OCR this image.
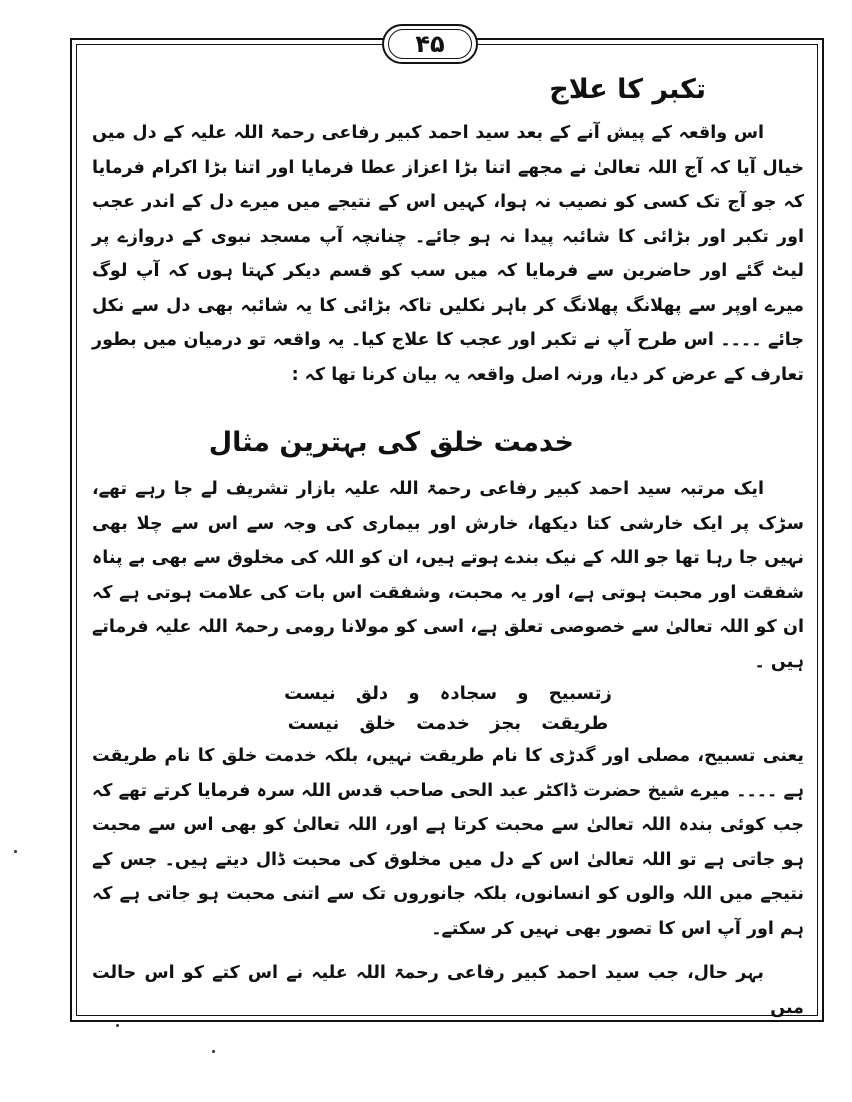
۴۵
تکبر کا علاج

اس واقعہ کے پیش آنے کے بعد سید احمد کبیر رفاعی رحمۃ اللہ علیہ کے دل میں خیال آیا کہ آج اللہ تعالیٰ نے مجھے اتنا بڑا اعزاز عطا فرمایا اور اتنا بڑا اکرام فرمایا کہ جو آج تک کسی کو نصیب نہ ہوا، کہیں اس کے نتیجے میں میرے دل کے اندر عجب اور تکبر اور بڑائی کا شائبہ پیدا نہ ہو جائے۔ چنانچہ آپ مسجد نبوی کے دروازے پر لیٹ گئے اور حاضرین سے فرمایا کہ میں سب کو قسم دیکر کہتا ہوں کہ آپ لوگ میرے اوپر سے پھلانگ پھلانگ کر باہر نکلیں تاکہ بڑائی کا یہ شائبہ بھی دل سے نکل جائے ۔۔۔۔ اس طرح آپ نے تکبر اور عجب کا علاج کیا۔ یہ واقعہ تو درمیان میں بطور تعارف کے عرض کر دیا، ورنہ اصل واقعہ یہ بیان کرنا تھا کہ :

خدمت خلق کی بہترین مثال

ایک مرتبہ سید احمد کبیر رفاعی رحمۃ اللہ علیہ بازار تشریف لے جا رہے تھے، سڑک پر ایک خارشی کتا دیکھا، خارش اور بیماری کی وجہ سے اس سے چلا بھی نہیں جا رہا تھا جو اللہ کے نیک بندے ہوتے ہیں، ان کو اللہ کی مخلوق سے بھی بے پناہ شفقت اور محبت ہوتی ہے، اور یہ محبت، وشفقت اس بات کی علامت ہوتی ہے کہ ان کو اللہ تعالیٰ سے خصوصی تعلق ہے، اسی کو مولانا رومی رحمۃ اللہ علیہ فرماتے ہیں ۔

زتسبیح و سجادہ و دلق نیست
طریقت بجز خدمت خلق نیست

یعنی تسبیح، مصلی اور گدڑی کا نام طریقت نہیں، بلکہ خدمت خلق کا نام طریقت ہے ۔۔۔۔ میرے شیخ حضرت ڈاکٹر عبد الحی صاحب قدس اللہ سرہ فرمایا کرتے تھے کہ جب کوئی بندہ اللہ تعالیٰ سے محبت کرتا ہے اور، اللہ تعالیٰ کو بھی اس سے محبت ہو جاتی ہے تو اللہ تعالیٰ اس کے دل میں مخلوق کی محبت ڈال دیتے ہیں۔ جس کے نتیجے میں اللہ والوں کو انسانوں، بلکہ جانوروں تک سے اتنی محبت ہو جاتی ہے کہ ہم اور آپ اس کا تصور بھی نہیں کر سکتے۔

بہر حال، جب سید احمد کبیر رفاعی رحمۃ اللہ علیہ نے اس کتے کو اس حالت میں
